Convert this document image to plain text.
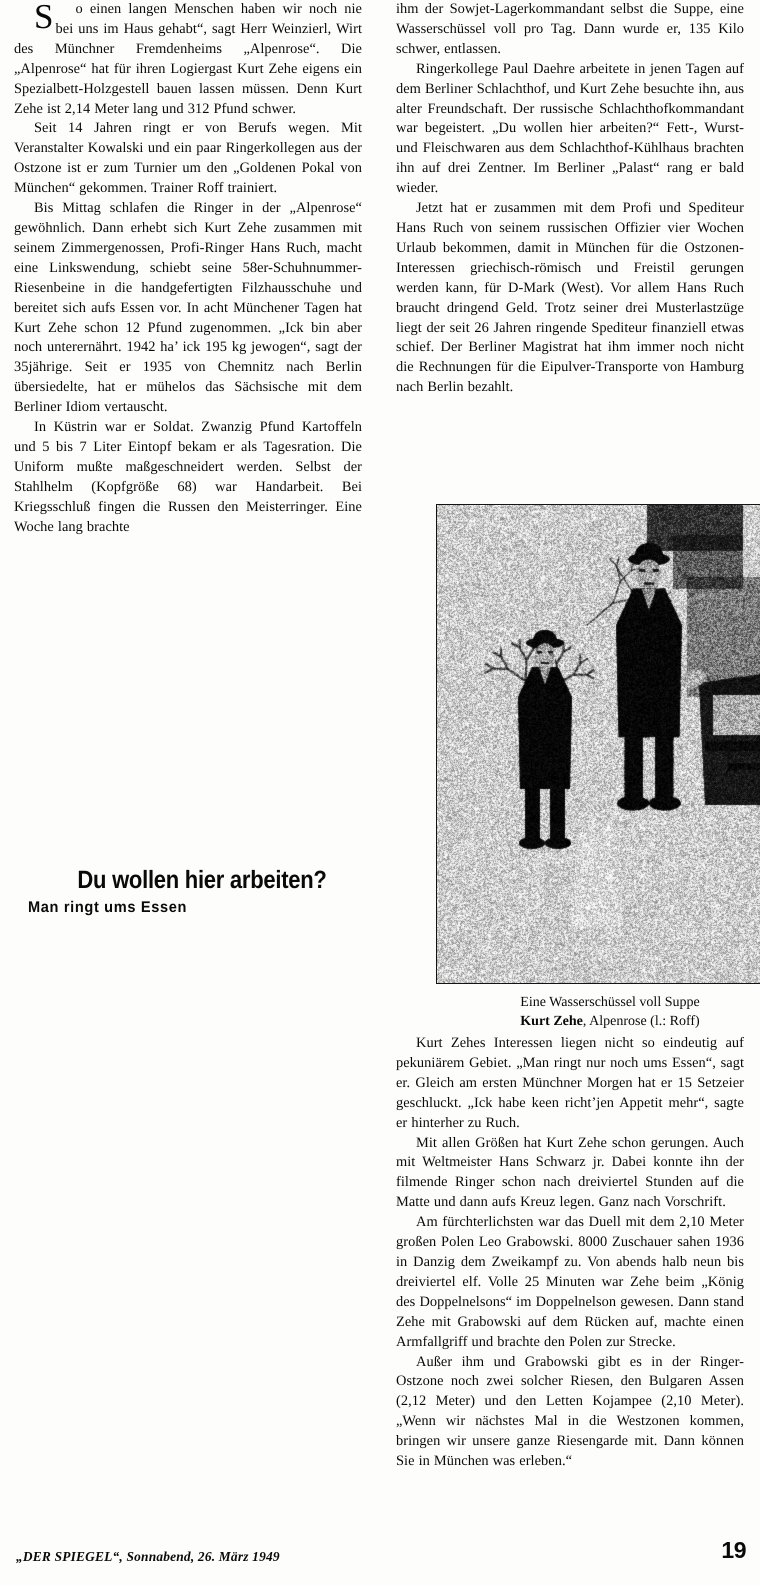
Du wollen hier arbeiten?
Man ringt ums Essen

S o einen langen Menschen haben wir noch nie bei uns im Haus gehabt“, sagt Herr Weinzierl, Wirt des Münchner Fremdenheims „Alpenrose“. Die „Alpenrose“ hat für ihren Logiergast Kurt Zehe eigens ein Spezialbett-Holzgestell bauen lassen müssen. Denn Kurt Zehe ist 2,14 Meter lang und 312 Pfund schwer.

Seit 14 Jahren ringt er von Berufs wegen. Mit Veranstalter Kowalski und ein paar Ringerkollegen aus der Ostzone ist er zum Turnier um den „Goldenen Pokal von München“ gekommen. Trainer Roff trainiert.

Bis Mittag schlafen die Ringer in der „Alpenrose“ gewöhnlich. Dann erhebt sich Kurt Zehe zusammen mit seinem Zimmergenossen, Profi-Ringer Hans Ruch, macht eine Linkswendung, schiebt seine 58er-Schuhnummer-Riesenbeine in die handgefertigten Filzhausschuhe und bereitet sich aufs Essen vor. In acht Münchener Tagen hat Kurt Zehe schon 12 Pfund zugenommen. „Ick bin aber noch unterernährt. 1942 ha’ ick 195 kg jewogen“, sagt der 35jährige. Seit er 1935 von Chemnitz nach Berlin übersiedelte, hat er mühelos das Sächsische mit dem Berliner Idiom vertauscht.

In Küstrin war er Soldat. Zwanzig Pfund Kartoffeln und 5 bis 7 Liter Eintopf bekam er als Tagesration. Die Uniform mußte maßgeschneidert werden. Selbst der Stahlhelm (Kopfgröße 68) war Handarbeit. Bei Kriegsschluß fingen die Russen den Meisterringer. Eine Woche lang brachte

ihm der Sowjet-Lagerkommandant selbst die Suppe, eine Wasserschüssel voll pro Tag. Dann wurde er, 135 Kilo schwer, entlassen.

Ringerkollege Paul Daehre arbeitete in jenen Tagen auf dem Berliner Schlachthof, und Kurt Zehe besuchte ihn, aus alter Freundschaft. Der russische Schlachthofkommandant war begeistert. „Du wollen hier arbeiten?“ Fett-, Wurst- und Fleischwaren aus dem Schlachthof-Kühlhaus brachten ihn auf drei Zentner. Im Berliner „Palast“ rang er bald wieder.

Jetzt hat er zusammen mit dem Profi und Spediteur Hans Ruch von seinem russischen Offizier vier Wochen Urlaub bekommen, damit in München für die Ostzonen-Interessen griechisch-römisch und Freistil gerungen werden kann, für D-Mark (West). Vor allem Hans Ruch braucht dringend Geld. Trotz seiner drei Musterlastzüge liegt der seit 26 Jahren ringende Spediteur finanziell etwas schief. Der Berliner Magistrat hat ihm immer noch nicht die Rechnungen für die Eipulver-Transporte von Hamburg nach Berlin bezahlt.

Eine Wasserschüssel voll Suppe
Kurt Zehe, Alpenrose (l.: Roff)

Kurt Zehes Interessen liegen nicht so eindeutig auf pekuniärem Gebiet. „Man ringt nur noch ums Essen“, sagt er. Gleich am ersten Münchner Morgen hat er 15 Setzeier geschluckt. „Ick habe keen richt’jen Appetit mehr“, sagte er hinterher zu Ruch.

Mit allen Größen hat Kurt Zehe schon gerungen. Auch mit Weltmeister Hans Schwarz jr. Dabei konnte ihn der filmende Ringer schon nach dreiviertel Stunden auf die Matte und dann aufs Kreuz legen. Ganz nach Vorschrift.

Am fürchterlichsten war das Duell mit dem 2,10 Meter großen Polen Leo Grabowski. 8000 Zuschauer sahen 1936 in Danzig dem Zweikampf zu. Von abends halb neun bis dreiviertel elf. Volle 25 Minuten war Zehe beim „König des Doppelnelsons“ im Doppelnelson gewesen. Dann stand Zehe mit Grabowski auf dem Rücken auf, machte einen Armfallgriff und brachte den Polen zur Strecke.

Außer ihm und Grabowski gibt es in der Ringer-Ostzone noch zwei solcher Riesen, den Bulgaren Assen (2,12 Meter) und den Letten Kojampee (2,10 Meter). „Wenn wir nächstes Mal in die Westzonen kommen, bringen wir unsere ganze Riesengarde mit. Dann können Sie in München was erleben.“

„DER SPIEGEL“, Sonnabend, 26. März 1949	19
